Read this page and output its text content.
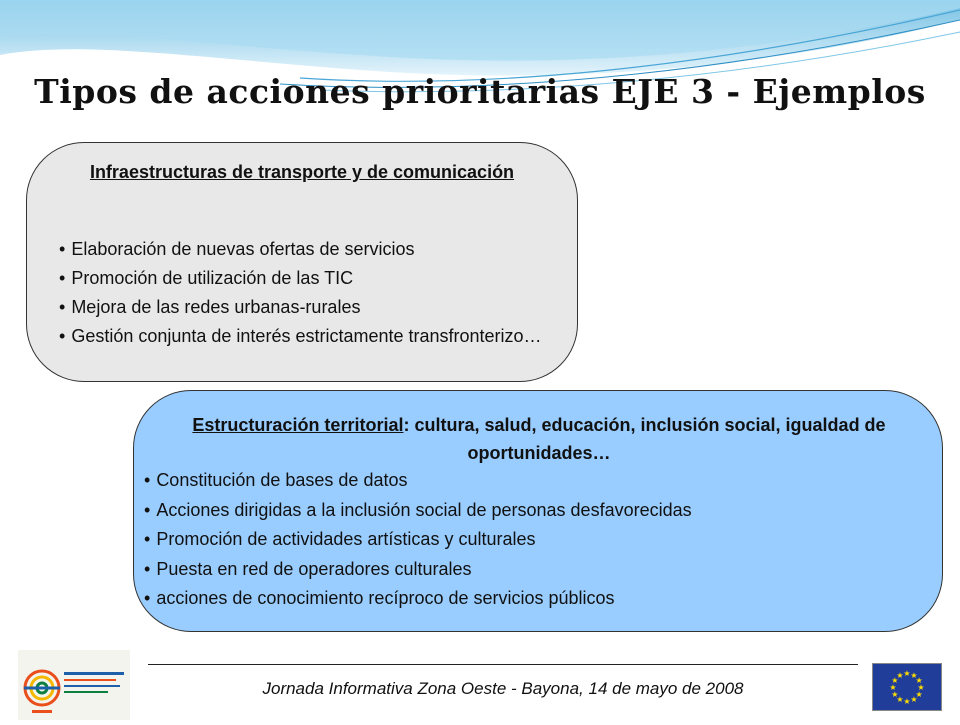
Tipos de acciones prioritarias EJE 3 - Ejemplos
Infraestructuras de transporte y de comunicación
• Elaboración de nuevas ofertas de servicios
• Promoción de utilización de las TIC
• Mejora de las redes urbanas-rurales
• Gestión conjunta de interés estrictamente transfronterizo…
Estructuración territorial: cultura, salud, educación, inclusión social, igualdad de oportunidades…
• Constitución de bases de datos
• Acciones dirigidas a la inclusión social de personas desfavorecidas
• Promoción de actividades artísticas y culturales
• Puesta en red de operadores culturales
• acciones de conocimiento recíproco de servicios públicos
Jornada Informativa Zona Oeste - Bayona, 14 de mayo de 2008
★ ★
★
★
★
★
★
★
★
★
★
★
